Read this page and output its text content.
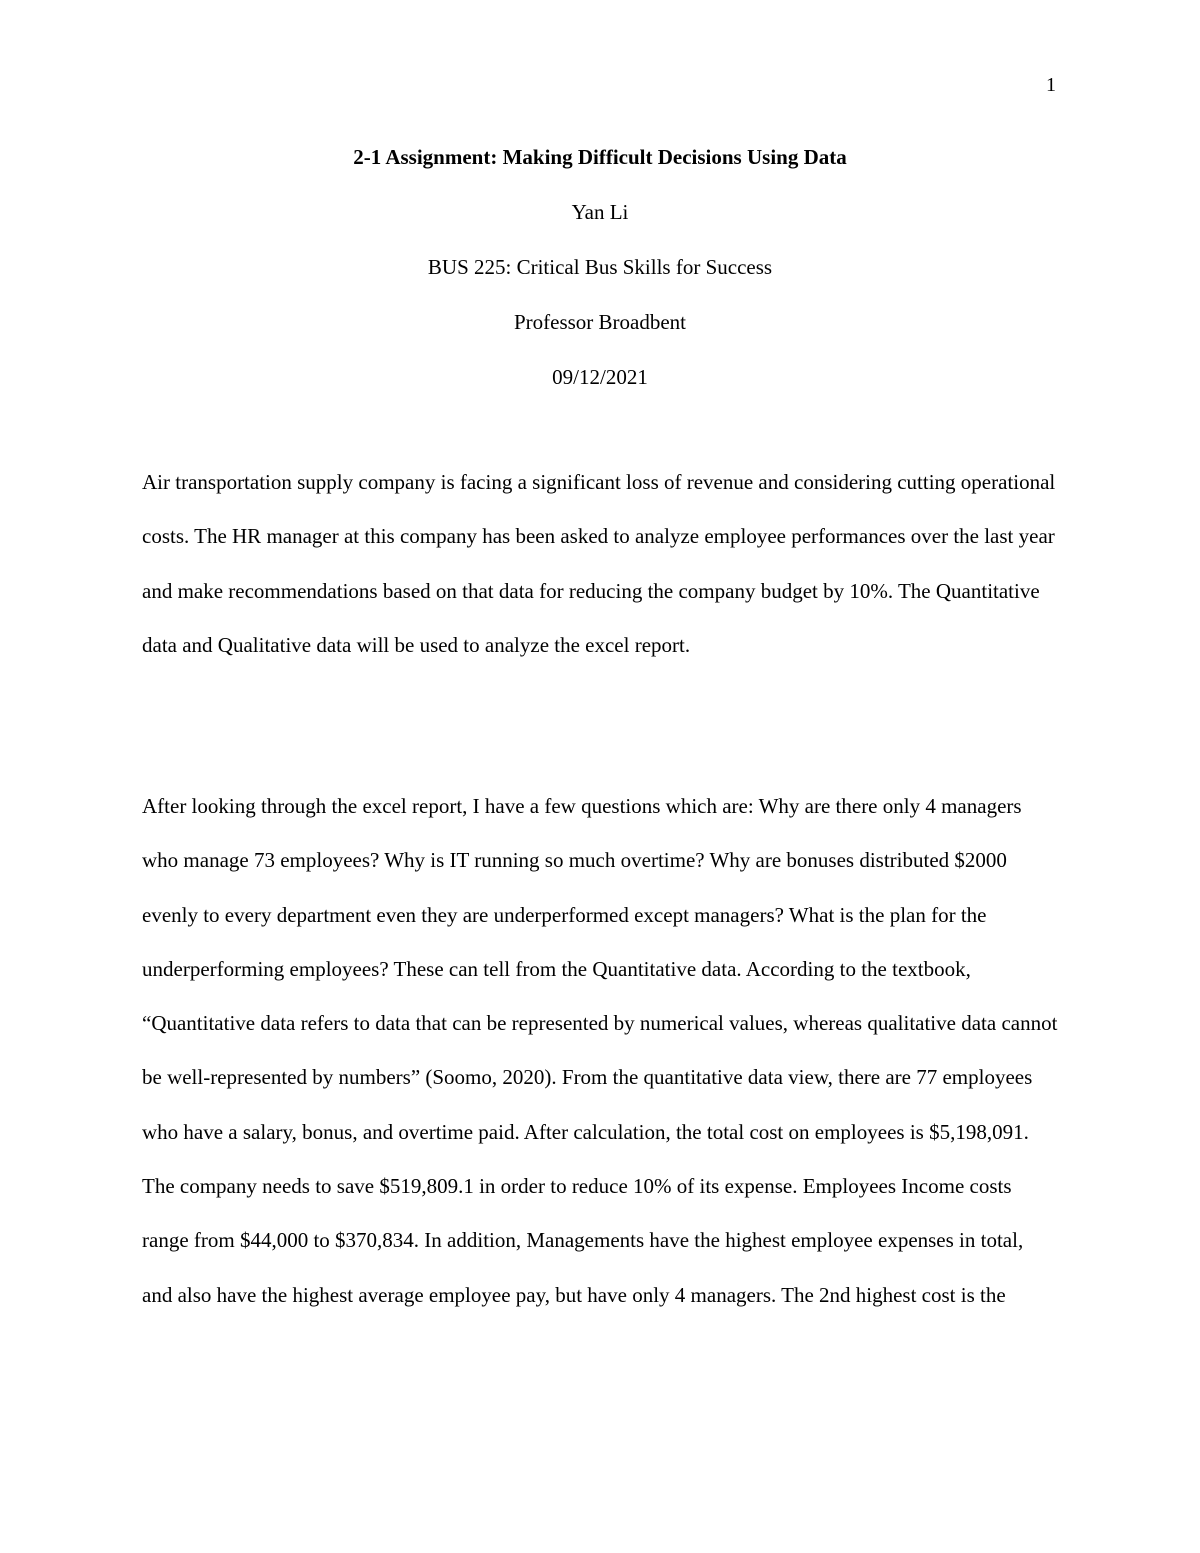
1
2-1 Assignment: Making Difficult Decisions Using Data
Yan Li
BUS 225: Critical Bus Skills for Success
Professor Broadbent
09/12/2021

Air transportation supply company is facing a significant loss of revenue and considering cutting operational costs. The HR manager at this company has been asked to analyze employee performances over the last year and make recommendations based on that data for reducing the company budget by 10%. The Quantitative data and Qualitative data will be used to analyze the excel report.

After looking through the excel report, I have a few questions which are: Why are there only 4 managers who manage 73 employees? Why is IT running so much overtime? Why are bonuses distributed $2000 evenly to every department even they are underperformed except managers? What is the plan for the underperforming employees? These can tell from the Quantitative data. According to the textbook, “Quantitative data refers to data that can be represented by numerical values, whereas qualitative data cannot be well-represented by numbers” (Soomo, 2020). From the quantitative data view, there are 77 employees who have a salary, bonus, and overtime paid. After calculation, the total cost on employees is $5,198,091. The company needs to save $519,809.1 in order to reduce 10% of its expense. Employees Income costs range from $44,000 to $370,834. In addition, Managements have the highest employee expenses in total, and also have the highest average employee pay, but have only 4 managers. The 2nd highest cost is the
